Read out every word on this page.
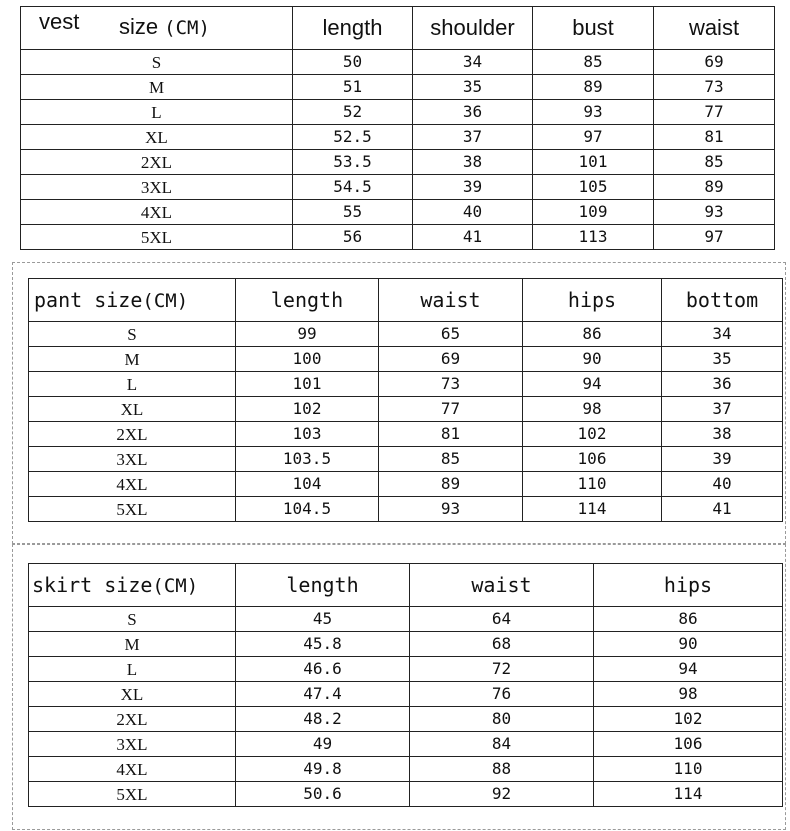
vest size (CM)	length	shoulder	bust	waist
S	50	34	85	69
M	51	35	89	73
L	52	36	93	77
XL	52.5	37	97	81
2XL	53.5	38	101	85
3XL	54.5	39	105	89
4XL	55	40	109	93
5XL	56	41	113	97
pant size(CM)	length	waist	hips	bottom
S	99	65	86	34
M	100	69	90	35
L	101	73	94	36
XL	102	77	98	37
2XL	103	81	102	38
3XL	103.5	85	106	39
4XL	104	89	110	40
5XL	104.5	93	114	41
skirt size(CM)	length	waist	hips
S	45	64	86
M	45.8	68	90
L	46.6	72	94
XL	47.4	76	98
2XL	48.2	80	102
3XL	49	84	106
4XL	49.8	88	110
5XL	50.6	92	114
